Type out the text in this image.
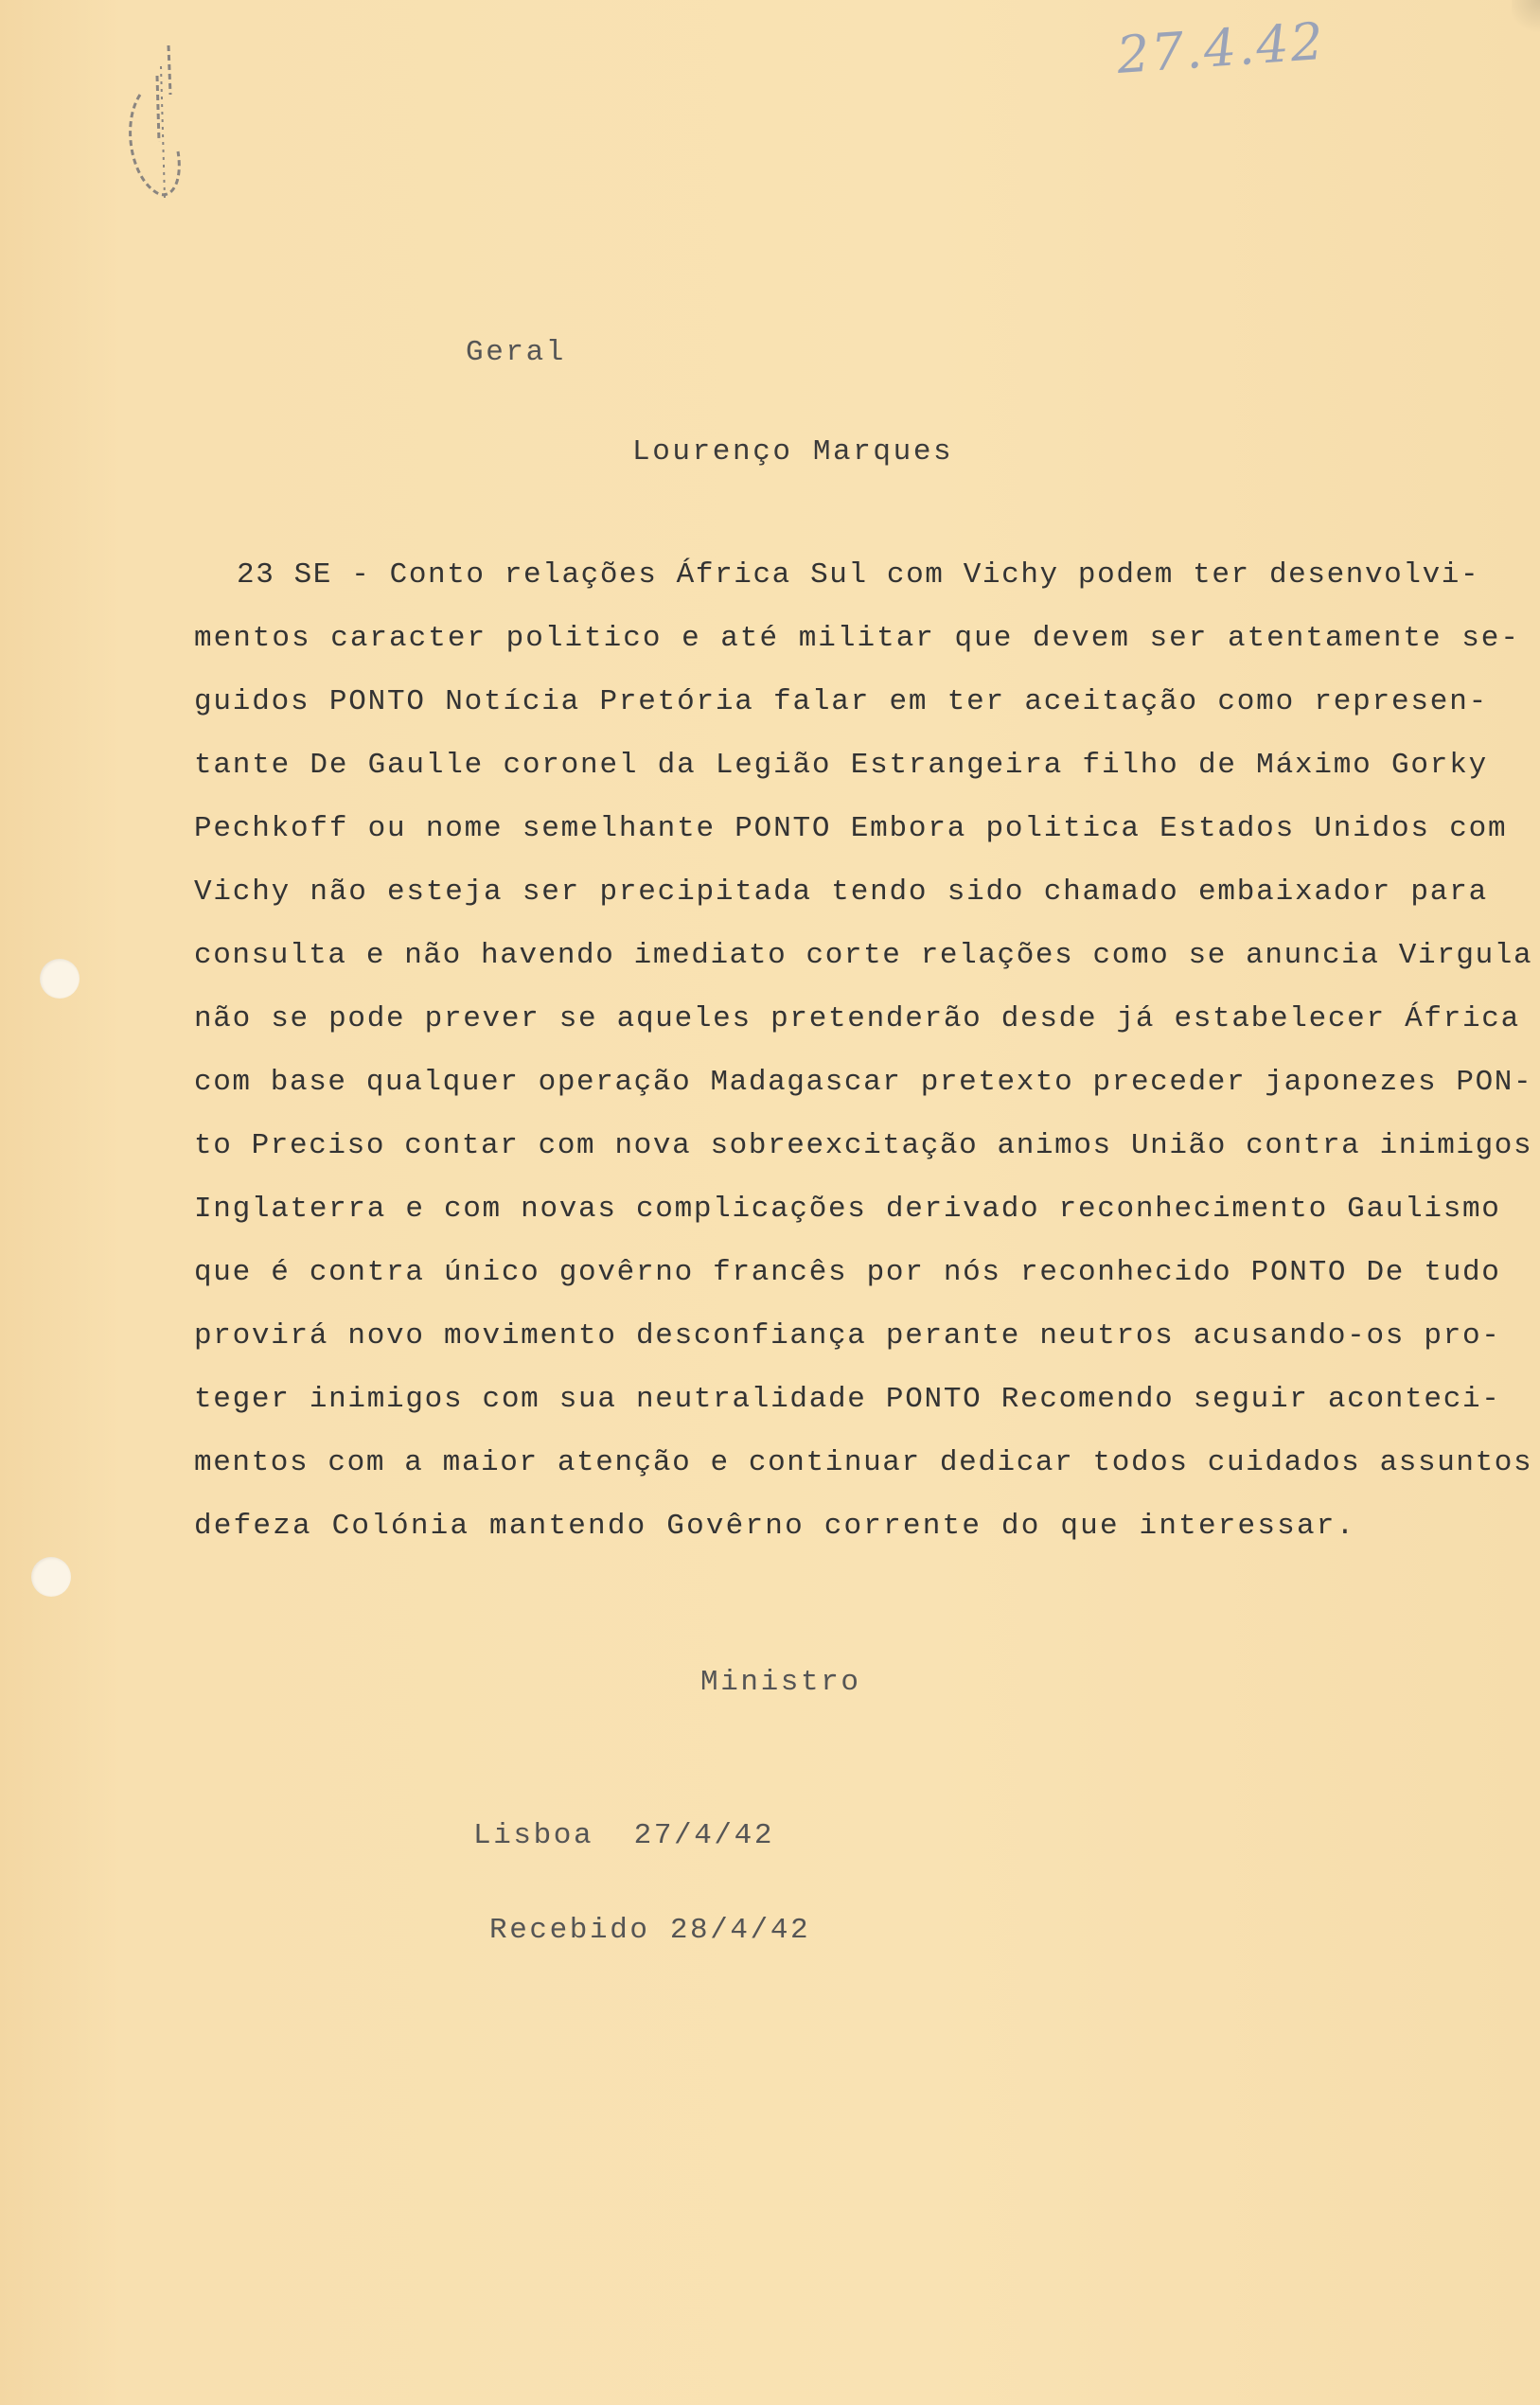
27.4.42
Geral
Lourenço Marques
23 SE - Conto relações África Sul com Vichy podem ter desenvolvi-
mentos caracter politico e até militar que devem ser atentamente se-
guidos PONTO Notícia Pretória falar em ter aceitação como represen-
tante De Gaulle coronel da Legião Estrangeira filho de Máximo Gorky
Pechkoff ou nome semelhante PONTO Embora politica Estados Unidos com
Vichy não esteja ser precipitada tendo sido chamado embaixador para
consulta e não havendo imediato corte relações como se anuncia Virgula
não se pode prever se aqueles pretenderão desde já estabelecer África
com base qualquer operação Madagascar pretexto preceder japonezes PON-
to Preciso contar com nova sobreexcitação animos União contra inimigos
Inglaterra e com novas complicações derivado reconhecimento Gaulismo
que é contra único govêrno francês por nós reconhecido PONTO De tudo
provirá novo movimento desconfiança perante neutros acusando-os pro-
teger inimigos com sua neutralidade PONTO Recomendo seguir aconteci-
mentos com a maior atenção e continuar dedicar todos cuidados assuntos
defeza Colónia mantendo Govêrno corrente do que interessar.
Ministro
Lisboa  27/4/42
Recebido 28/4/42
